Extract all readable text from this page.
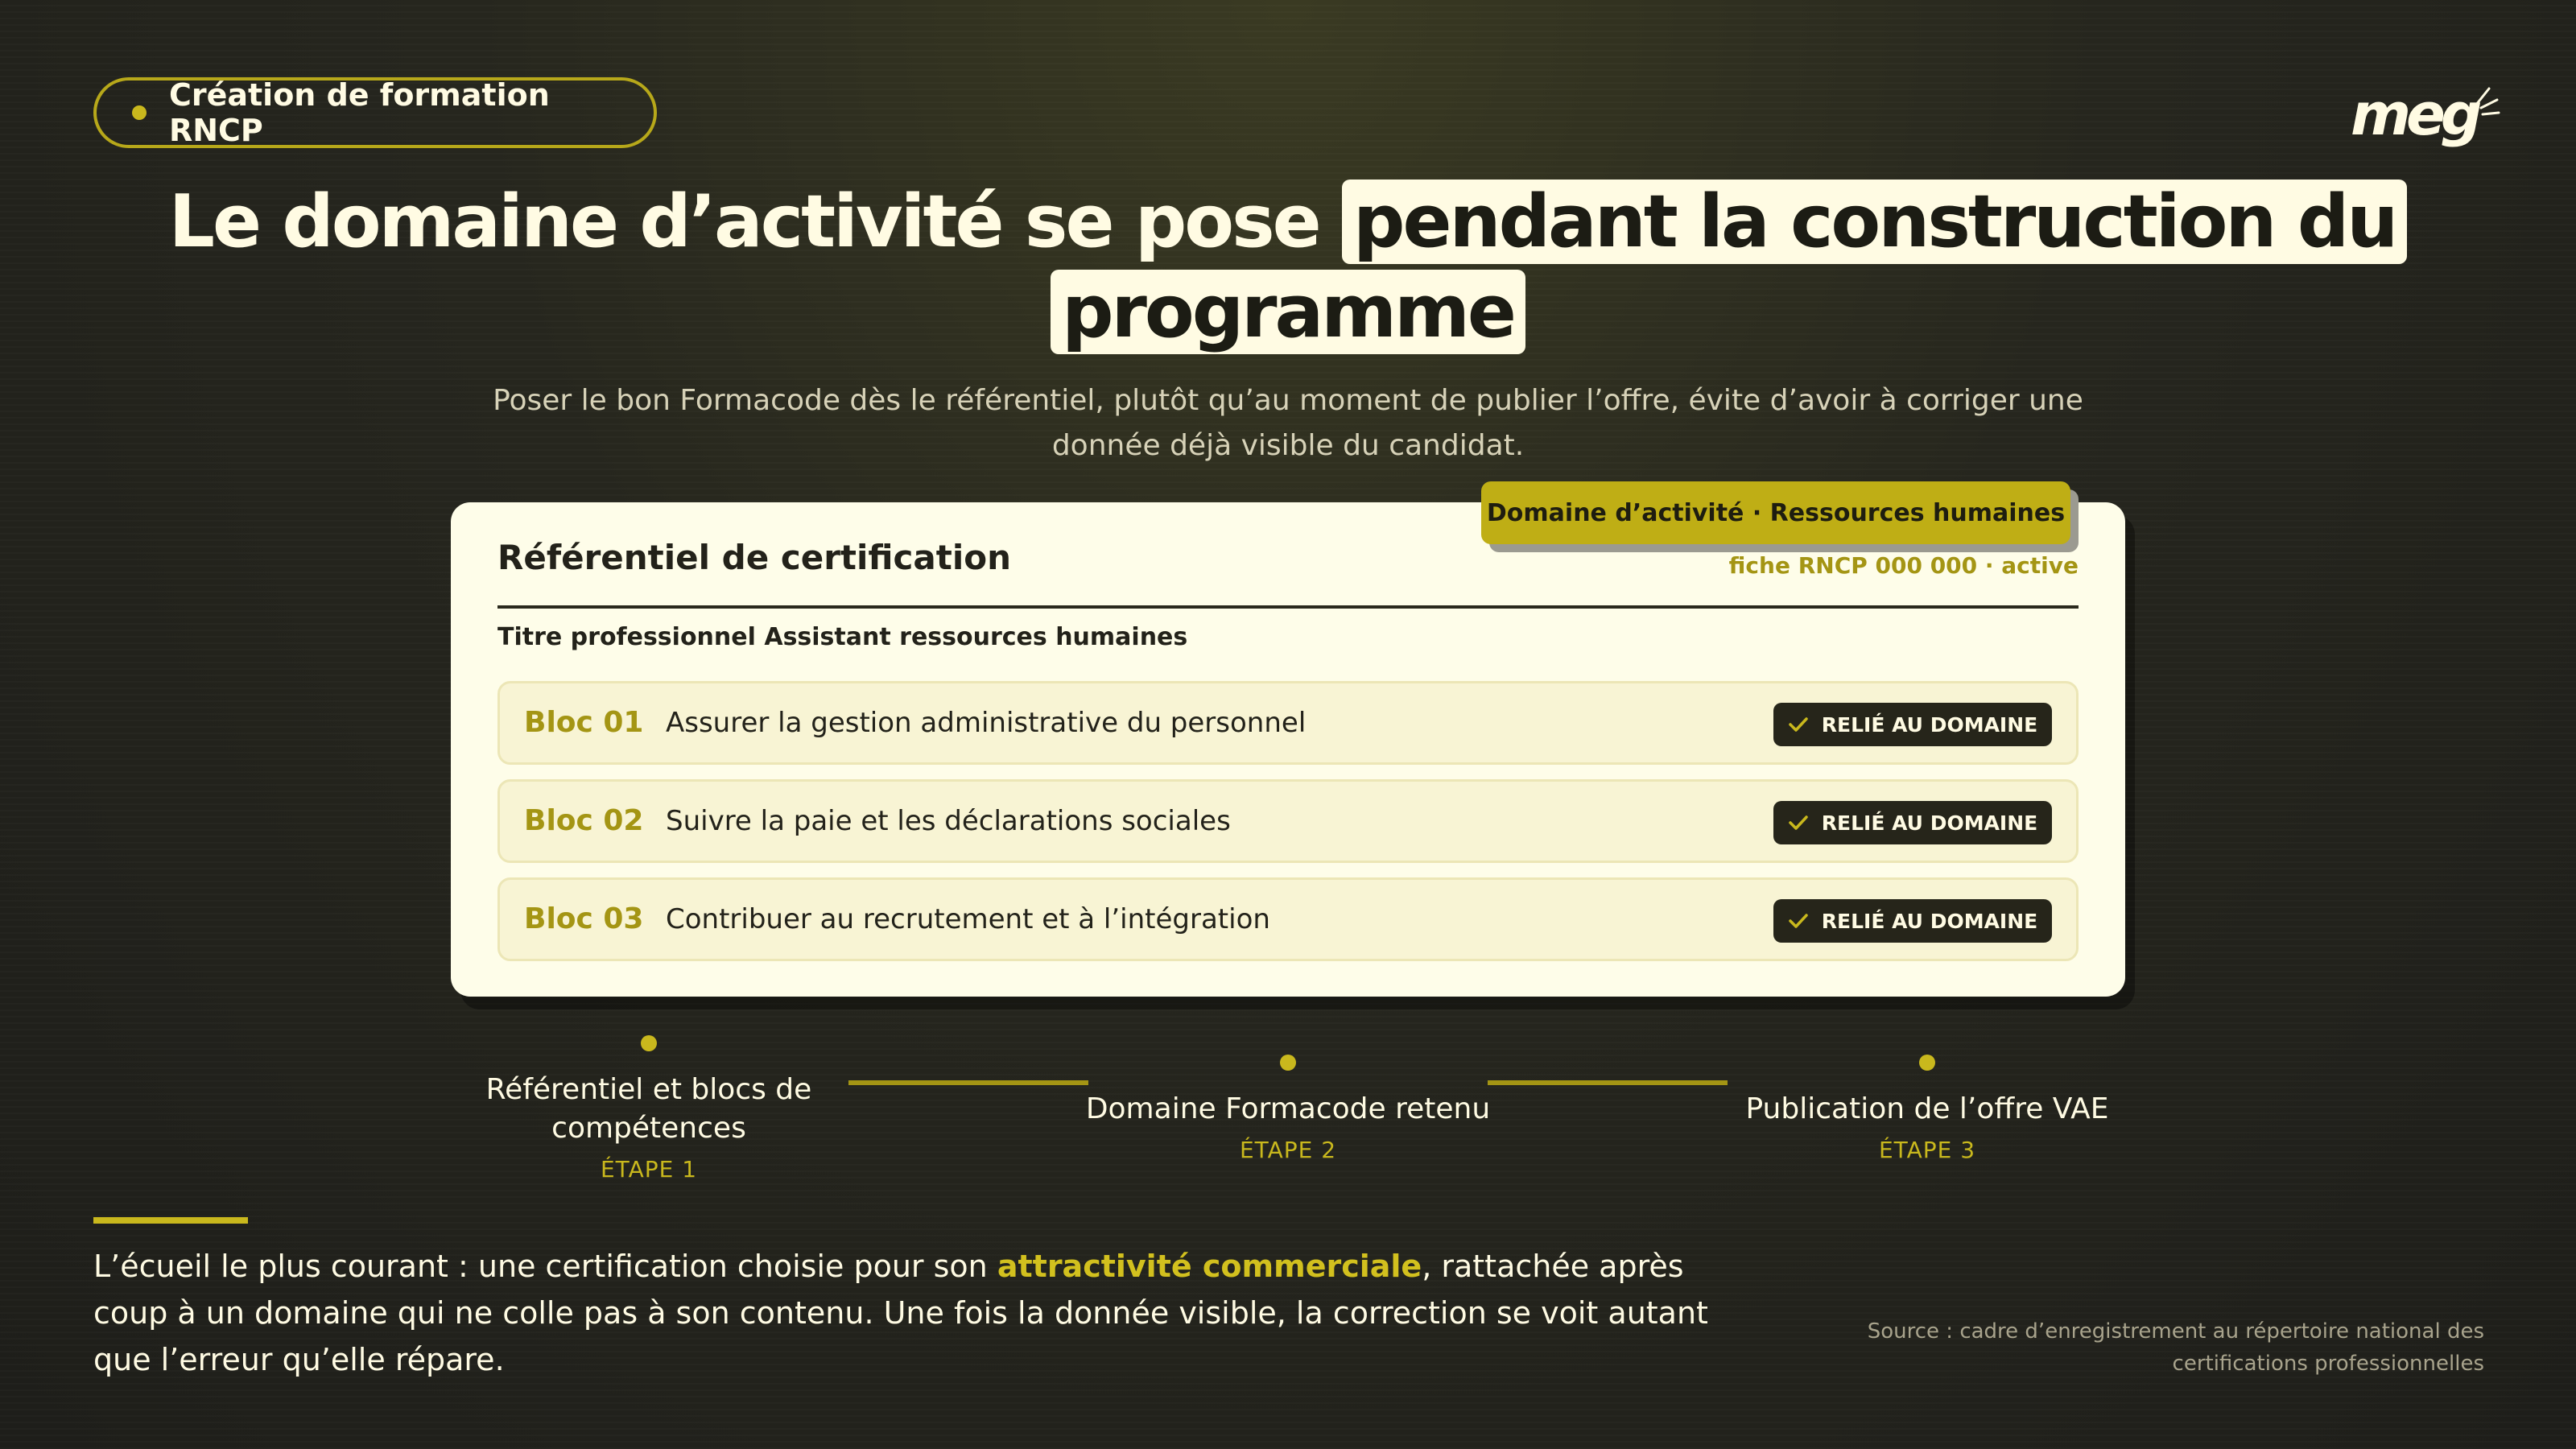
Création de formation RNCP	meg
Le domaine d’activité se pose pendant la construction du programme
Poser le bon Formacode dès le référentiel, plutôt qu’au moment de publier l’offre, évite d’avoir à corriger une donnée déjà visible du candidat.
Domaine d’activité · Ressources humaines
Référentiel de certification	fiche RNCP 000 000 · active
Titre professionnel Assistant ressources humaines
Bloc 01 Assurer la gestion administrative du personnel	RELIÉ AU DOMAINE
Bloc 02 Suivre la paie et les déclarations sociales	RELIÉ AU DOMAINE
Bloc 03 Contribuer au recrutement et à l’intégration	RELIÉ AU DOMAINE
Référentiel et blocs de compétences
ÉTAPE 1
Domaine Formacode retenu
ÉTAPE 2
Publication de l’offre VAE
ÉTAPE 3
L’écueil le plus courant : une certification choisie pour son attractivité commerciale, rattachée après coup à un domaine qui ne colle pas à son contenu. Une fois la donnée visible, la correction se voit autant que l’erreur qu’elle répare.
Source : cadre d’enregistrement au répertoire national des certifications professionnelles
